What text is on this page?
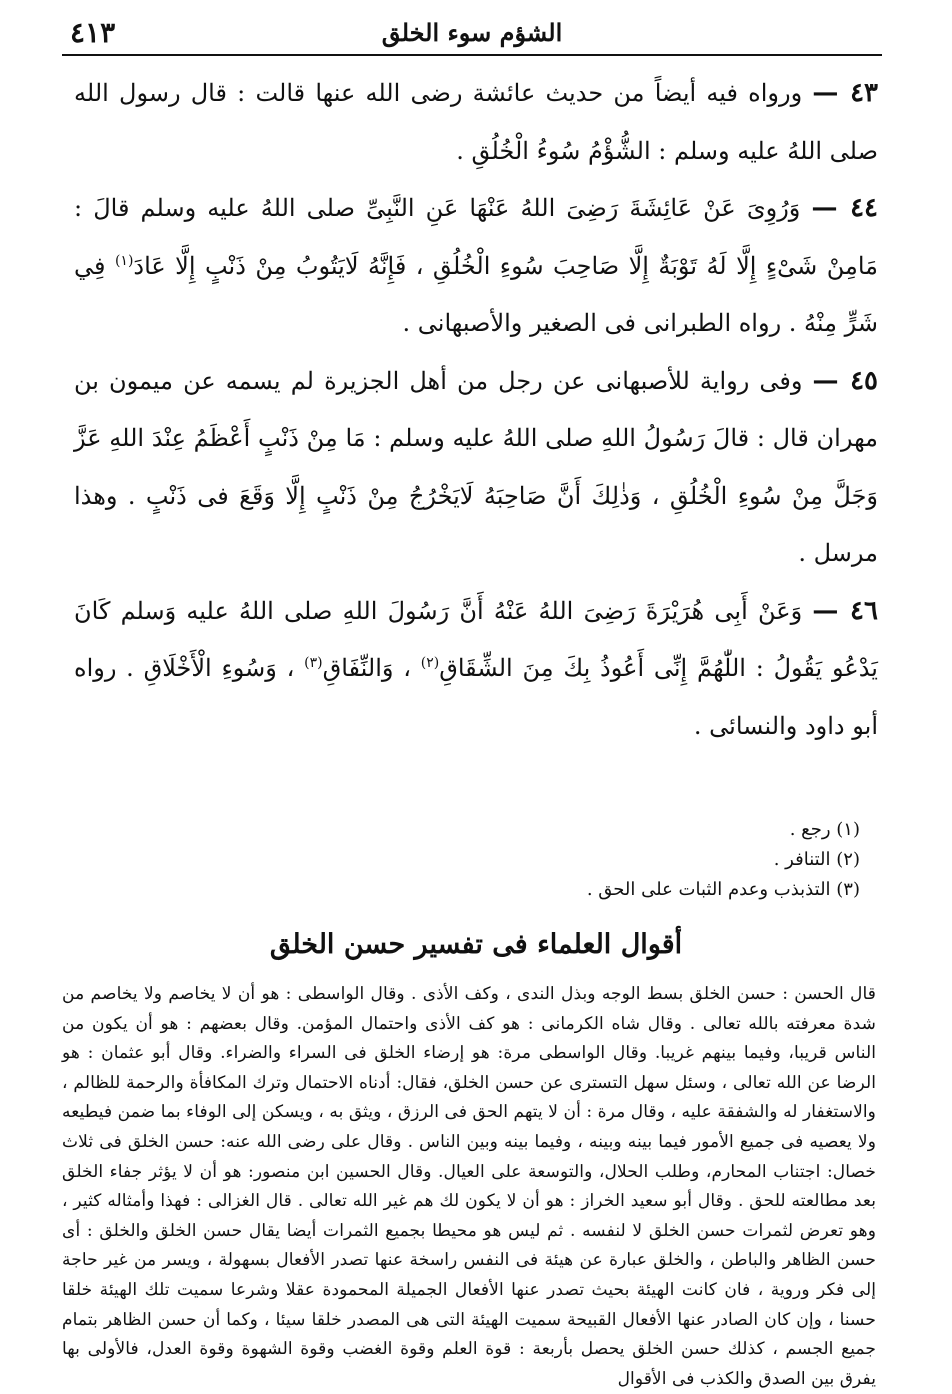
الشؤم سوء الخلق
٤١٣

٤٣ — ورواه فيه أيضاً من حديث عائشة رضى الله عنها قالت : قال رسول الله صلى اللهُ عليه وسلم : الشُّؤْمُ سُوءُ الْخُلُقِ .

٤٤ — وَرُوِىَ عَنْ عَائِشَةَ رَضِىَ اللهُ عَنْهَا عَنِ النَّبِىِّ صلى اللهُ عليه وسلم قالَ : مَامِنْ شَىْءٍ إِلَّا لَهُ تَوْبَةٌ إِلَّا صَاحِبَ سُوءِ الْخُلُقِ ، فَإِنَّهُ لَايَتُوبُ مِنْ ذَنْبٍ إِلَّا عَادَ$^{(١)}$ فِي شَرٍّ مِنْهُ . رواه الطبرانى فى الصغير والأصبهانى .

٤٥ — وفى رواية للأصبهانى عن رجل من أهل الجزيرة لم يسمه عن ميمون بن مهران قال : قالَ رَسُولُ اللهِ صلى اللهُ عليه وسلم : مَا مِنْ ذَنْبٍ أَعْظَمُ عِنْدَ اللهِ عَزَّ وَجَلَّ مِنْ سُوءِ الْخُلُقِ ، وَذٰلِكَ أَنَّ صَاحِبَهُ لَايَخْرُجُ مِنْ ذَنْبٍ إِلَّا وَقَعَ فى ذَنْبٍ . وهذا مرسل .

٤٦ — وَعَنْ أَبِى هُرَيْرَةَ رَضِىَ اللهُ عَنْهُ أَنَّ رَسُولَ اللهِ صلى اللهُ عليه وَسلم كَانَ يَدْعُو يَقُولُ : اللّٰهُمَّ إِنِّى أَعُوذُ بِكَ مِنَ الشِّقَاقِ$^{(٢)}$ ، وَالنِّفَاقِ$^{(٣)}$ ، وَسُوءِ الْأَخْلَاقِ . رواه أبو داود والنسائى .

(١) رجع .

(٢) التنافر .

(٣) التذبذب وعدم الثبات على الحق .

أقوال العلماء فى تفسير حسن الخلق

قال الحسن : حسن الخلق بسط الوجه وبذل الندى ، وكف الأذى . وقال الواسطى : هو أن لا يخاصم ولا يخاصم من شدة معرفته بالله تعالى . وقال شاه الكرمانى : هو كف الأذى واحتمال المؤمن. وقال بعضهم : هو أن يكون من الناس قريبا، وفيما بينهم غريبا. وقال الواسطى مرة: هو إرضاء الخلق فى السراء والضراء. وقال أبو عثمان : هو الرضا عن الله تعالى ، وسئل سهل التسترى عن حسن الخلق، فقال: أدناه الاحتمال وترك المكافأة والرحمة للظالم ، والاستغفار له والشفقة عليه ، وقال مرة : أن لا يتهم الحق فى الرزق ، ويثق به ، ويسكن إلى الوفاء بما ضمن فيطيعه ولا يعصيه فى جميع الأمور فيما بينه وبينه ، وفيما بينه وبين الناس . وقال على رضى الله عنه: حسن الخلق فى ثلاث خصال: اجتناب المحارم، وطلب الحلال، والتوسعة على العيال. وقال الحسين ابن منصور: هو أن لا يؤثر جفاء الخلق بعد مطالعته للحق . وقال أبو سعيد الخراز : هو أن لا يكون لك هم غير الله تعالى . قال الغزالى : فهذا وأمثاله كثير ، وهو تعرض لثمرات حسن الخلق لا لنفسه . ثم ليس هو محيطا بجميع الثمرات أيضا يقال حسن الخلق والخلق : أى حسن الظاهر والباطن ، والخلق عبارة عن هيئة فى النفس راسخة عنها تصدر الأفعال بسهولة ، ويسر من غير حاجة إلى فكر وروية ، فان كانت الهيئة بحيث تصدر عنها الأفعال الجميلة المحمودة عقلا وشرعا سميت تلك الهيئة خلقا حسنا ، وإن كان الصادر عنها الأفعال القبيحة سميت الهيئة التى هى المصدر خلقا سيئا ، وكما أن حسن الظاهر بتمام جميع الجسم ، كذلك حسن الخلق يحصل بأربعة : قوة العلم وقوة الغضب وقوة الشهوة وقوة العدل، فالأولى بها يفرق بين الصدق والكذب فى الأقوال
